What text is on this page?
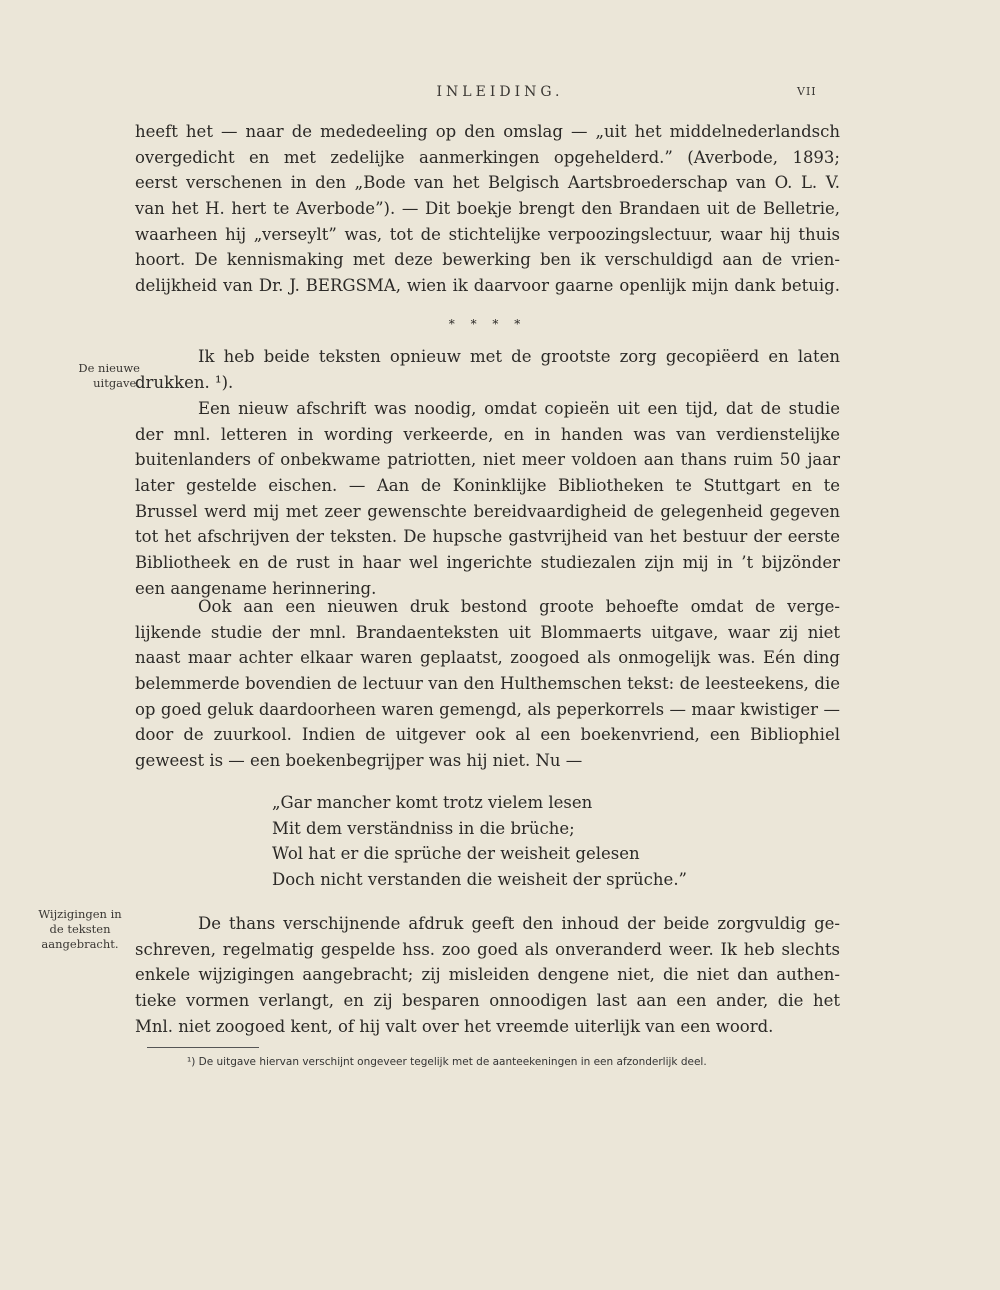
INLEIDING.	VII
heeft het — naar de mededeeling op den omslag — „uit het middelnederlandsch
overgedicht en met zedelijke aanmerkingen opgehelderd.” (Averbode, 1893;
eerst verschenen in den „Bode van het Belgisch Aartsbroederschap van O. L. V.
van het H. hert te Averbode”). — Dit boekje brengt den Brandaen uit de Belletrie,
waarheen hij „verseylt” was, tot de stichtelijke verpoozingslectuur, waar hij thuis
hoort. De kennismaking met deze bewerking ben ik verschuldigd aan de vrien-
delijkheid van Dr. J. BERGSMA, wien ik daarvoor gaarne openlijk mijn dank betuig.
* * * *
De nieuwe
uitgave.
Ik heb beide teksten opnieuw met de grootste zorg gecopiëerd en laten
drukken. ¹).
Een nieuw afschrift was noodig, omdat copieën uit een tijd, dat de studie
der mnl. letteren in wording verkeerde, en in handen was van verdienstelijke
buitenlanders of onbekwame patriotten, niet meer voldoen aan thans ruim 50 jaar
later gestelde eischen. — Aan de Koninklijke Bibliotheken te Stuttgart en te
Brussel werd mij met zeer gewenschte bereidvaardigheid de gelegenheid gegeven
tot het afschrijven der teksten. De hupsche gastvrijheid van het bestuur der eerste
Bibliotheek en de rust in haar wel ingerichte studiezalen zijn mij in ’t bijzönder
een aangename herinnering.
Ook aan een nieuwen druk bestond groote behoefte omdat de verge-
lijkende studie der mnl. Brandaenteksten uit Blommaerts uitgave, waar zij niet
naast maar achter elkaar waren geplaatst, zoogoed als onmogelijk was. Eén ding
belemmerde bovendien de lectuur van den Hulthemschen tekst: de leesteekens, die
op goed geluk daardoorheen waren gemengd, als peperkorrels — maar kwistiger —
door de zuurkool. Indien de uitgever ook al een boekenvriend, een Bibliophiel
geweest is — een boekenbegrijper was hij niet. Nu —
„Gar mancher komt trotz vielem lesen
Mit dem verständniss in die brüche;
Wol hat er die sprüche der weisheit gelesen
Doch nicht verstanden die weisheit der sprüche.”
Wijzigingen in
de teksten
aangebracht.
De thans verschijnende afdruk geeft den inhoud der beide zorgvuldig ge-
schreven, regelmatig gespelde hss. zoo goed als onveranderd weer. Ik heb slechts
enkele wijzigingen aangebracht; zij misleiden dengene niet, die niet dan authen-
tieke vormen verlangt, en zij besparen onnoodigen last aan een ander, die het
Mnl. niet zoogoed kent, of hij valt over het vreemde uiterlijk van een woord.
¹) De uitgave hiervan verschijnt ongeveer tegelijk met de aanteekeningen in een afzonderlijk deel.
